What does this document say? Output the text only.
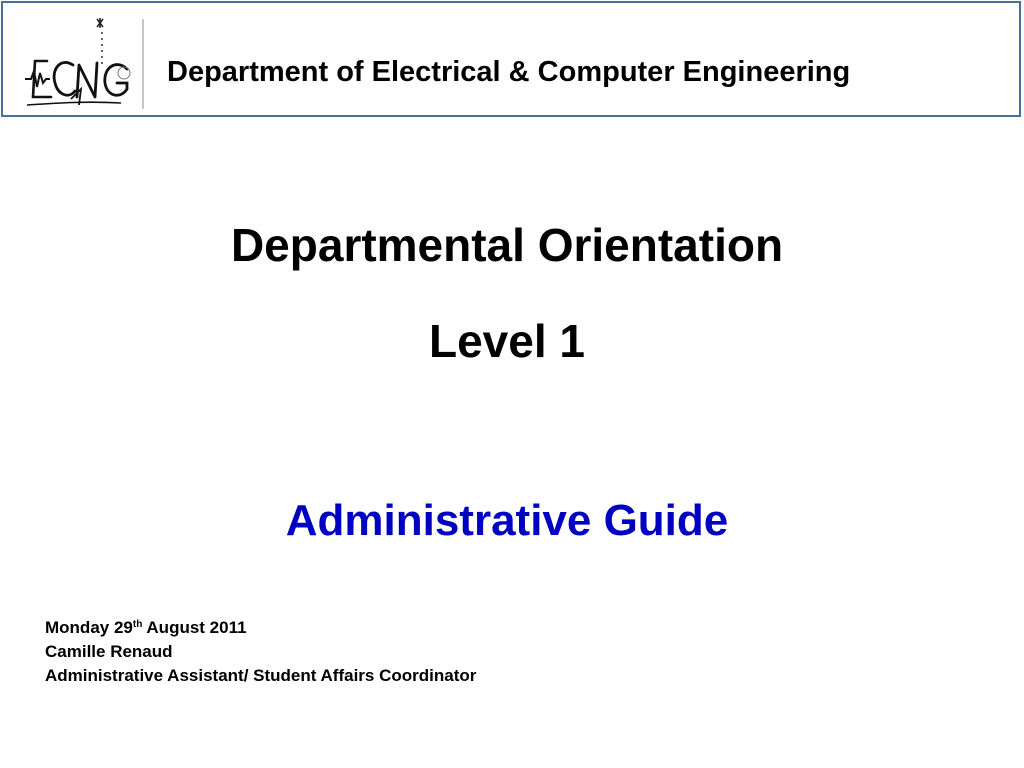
Department of Electrical & Computer Engineering
Departmental Orientation
Level 1
Administrative Guide
Monday 29th August 2011
Camille Renaud
Administrative Assistant/ Student Affairs Coordinator
